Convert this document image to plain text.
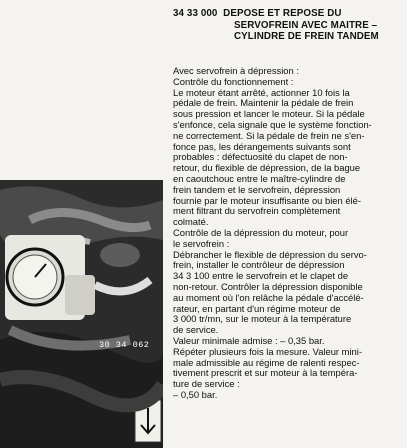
34 33 000 DEPOSE ET REPOSE DU
SERVOFREIN AVEC MAITRE –
CYLINDRE DE FREIN TANDEM
Avec servofrein à dépression :
Contrôle du fonctionnement :
Le moteur étant arrêté, actionner 10 fois la
pédale de frein. Maintenir la pédale de frein
sous pression et lancer le moteur. Si la pédale
s'enfonce, cela signale que le système fonction-
ne correctement. Si la pédale de frein ne s'en-
fonce pas, les dérangements suivants sont
probables : défectuosité du clapet de non-
retour, du flexible de dépression, de la bague
en caoutchouc entre le maître-cylindre de
frein tandem et le servofrein, dépression
fournie par le moteur insuffisante ou bien élé-
ment filtrant du servofrein complètement
colmaté.
Contrôle de la dépression du moteur, pour
le servofrein :
Débrancher le flexible de dépression du servo-
frein, installer le contrôleur de dépression
34 3 100 entre le servofrein et le clapet de
non-retour. Contrôler la dépression disponible
au moment où l'on relâche la pédale d'accélé-
rateur, en partant d'un régime moteur de
3 000 tr/mn, sur le moteur à la température
de service.
Valeur minimale admise : – 0,35 bar.
Répéter plusieurs fois la mesure. Valeur mini-
male admissible au régime de ralenti respec-
tivement prescrit et sur moteur à la tempéra-
ture de service :
– 0,50 bar.
30 34 062
